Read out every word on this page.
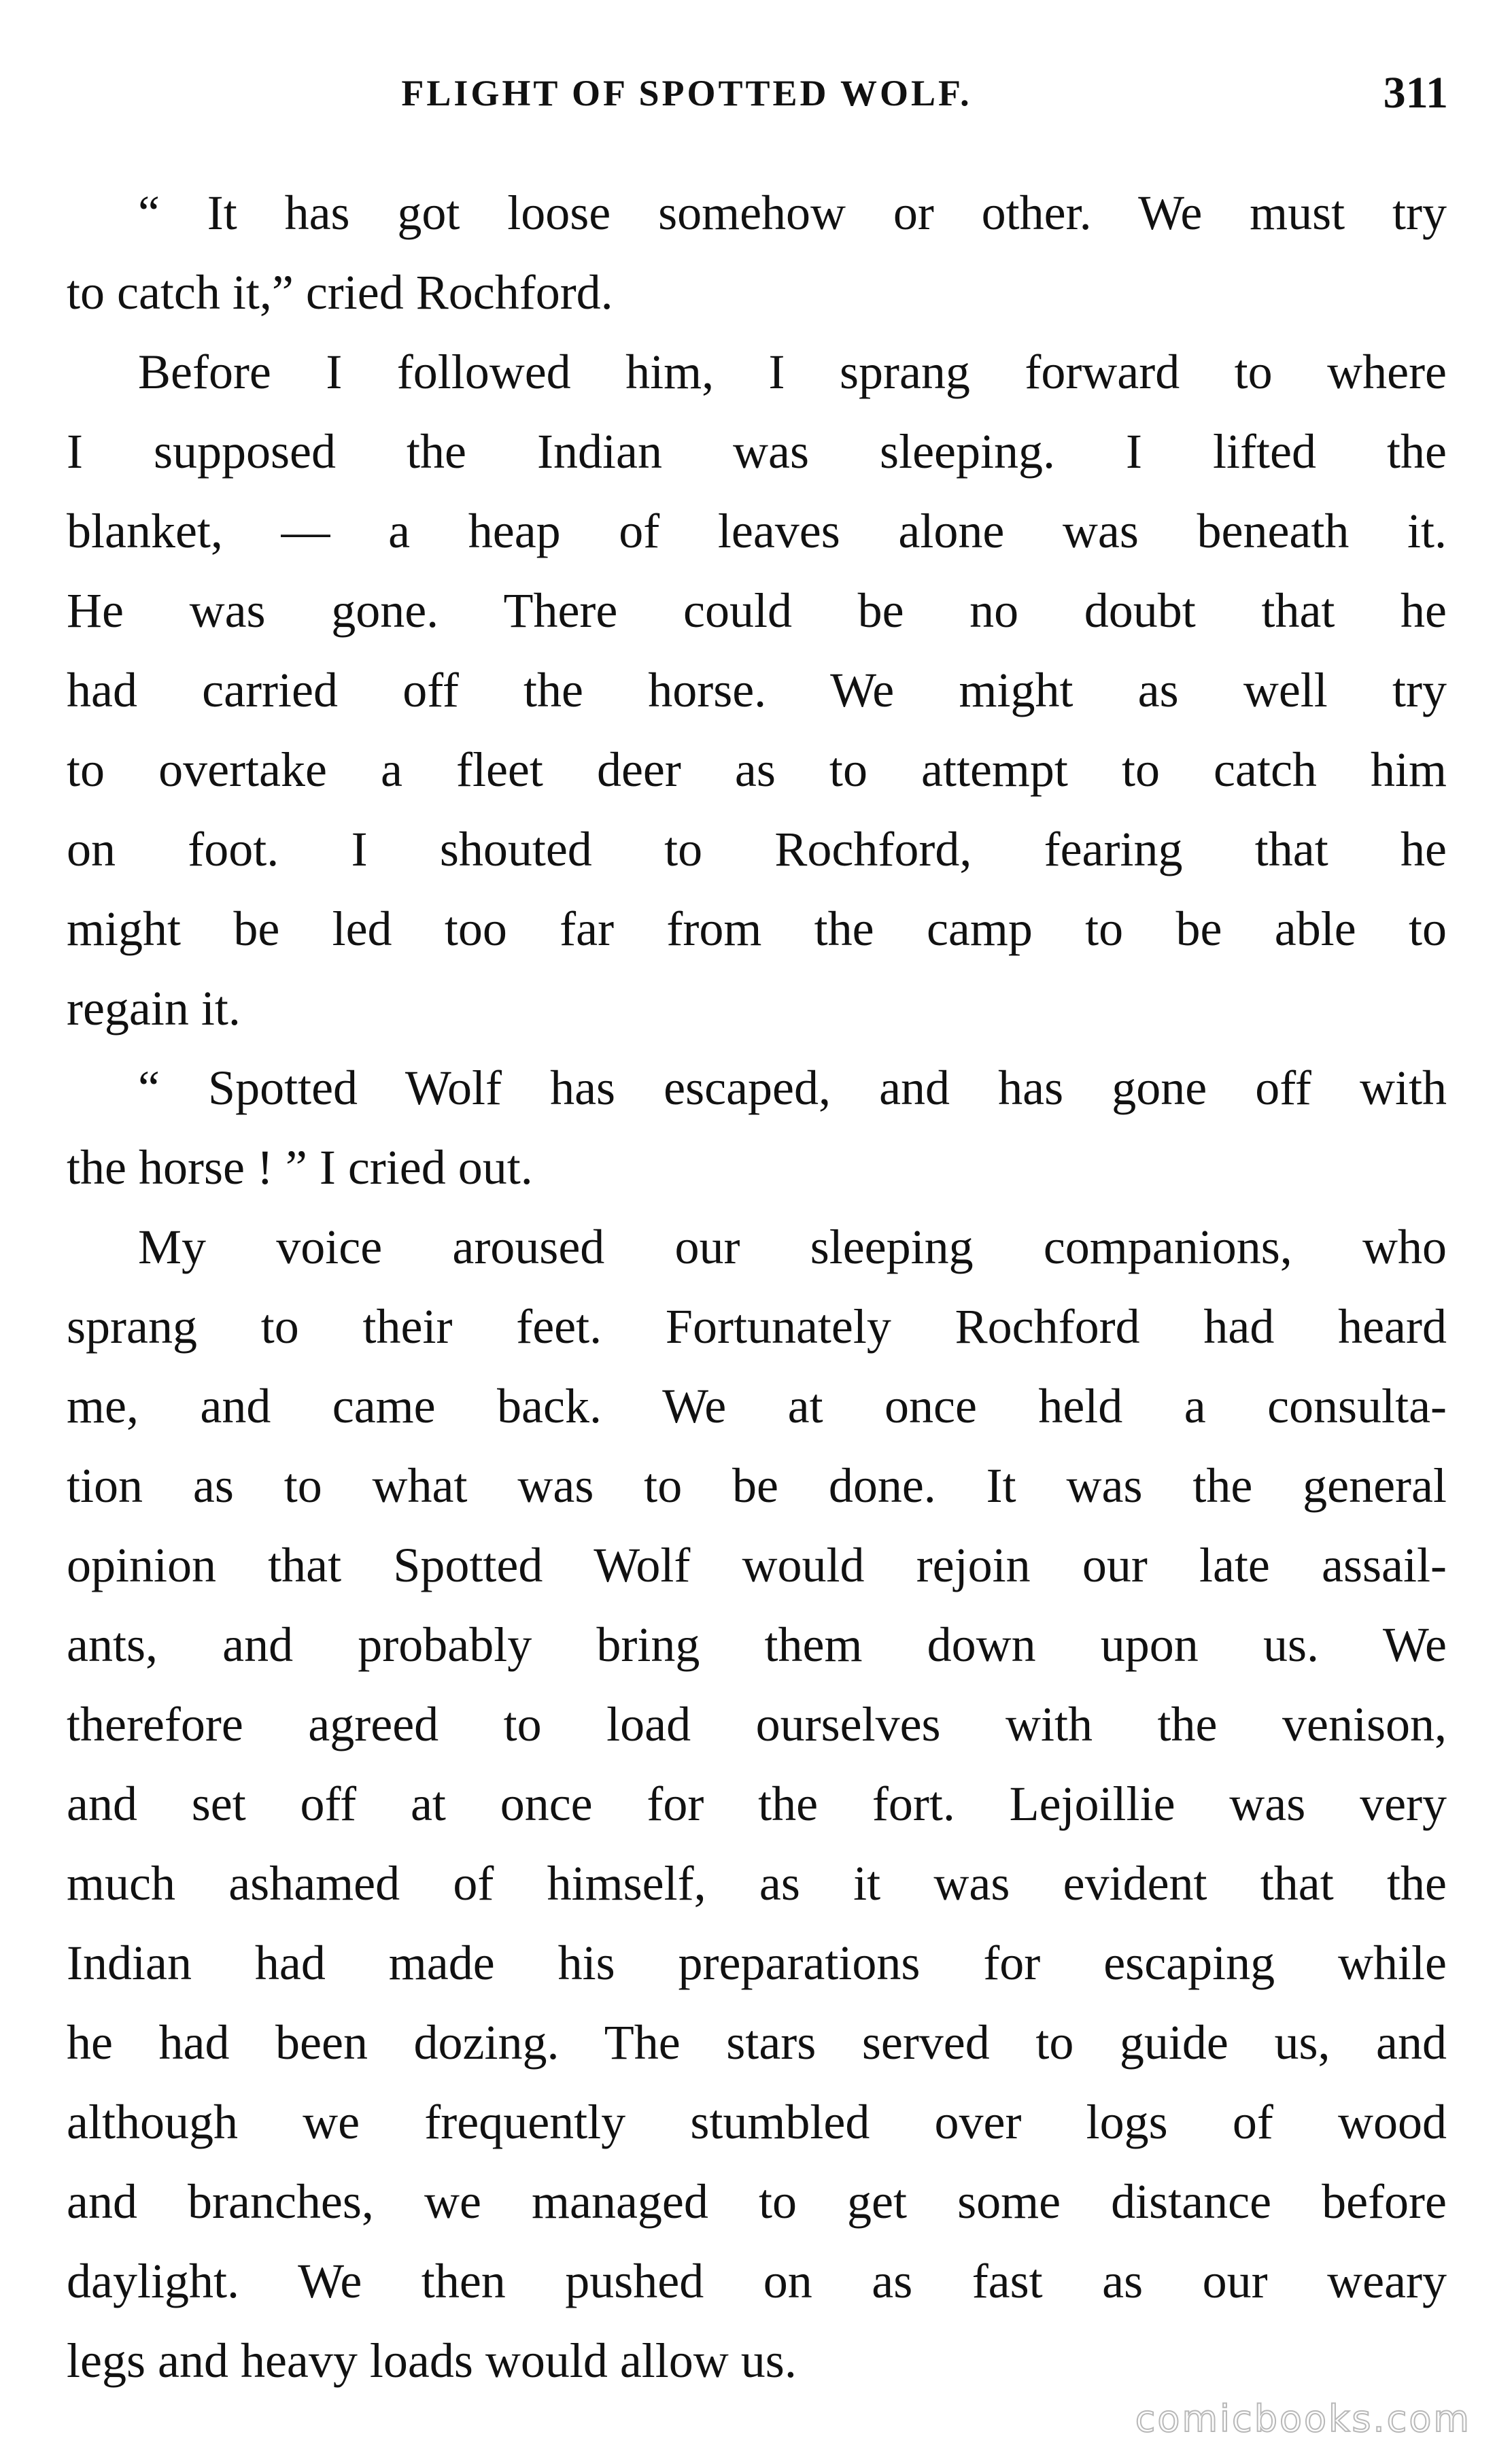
FLIGHT OF SPOTTED WOLF.	311
“ It has got loose somehow or other. We must try
to catch it,” cried Rochford.
Before I followed him, I sprang forward to where
I supposed the Indian was sleeping. I lifted the
blanket, — a heap of leaves alone was beneath it.
He was gone. There could be no doubt that he
had carried off the horse. We might as well try
to overtake a fleet deer as to attempt to catch him
on foot. I shouted to Rochford, fearing that he
might be led too far from the camp to be able to
regain it.
“ Spotted Wolf has escaped, and has gone off with
the horse ! ” I cried out.
My voice aroused our sleeping companions, who
sprang to their feet. Fortunately Rochford had heard
me, and came back. We at once held a consulta-
tion as to what was to be done. It was the general
opinion that Spotted Wolf would rejoin our late assail-
ants, and probably bring them down upon us. We
therefore agreed to load ourselves with the venison,
and set off at once for the fort. Lejoillie was very
much ashamed of himself, as it was evident that the
Indian had made his preparations for escaping while
he had been dozing. The stars served to guide us, and
although we frequently stumbled over logs of wood
and branches, we managed to get some distance before
daylight. We then pushed on as fast as our weary
legs and heavy loads would allow us.
comicbooks.com
